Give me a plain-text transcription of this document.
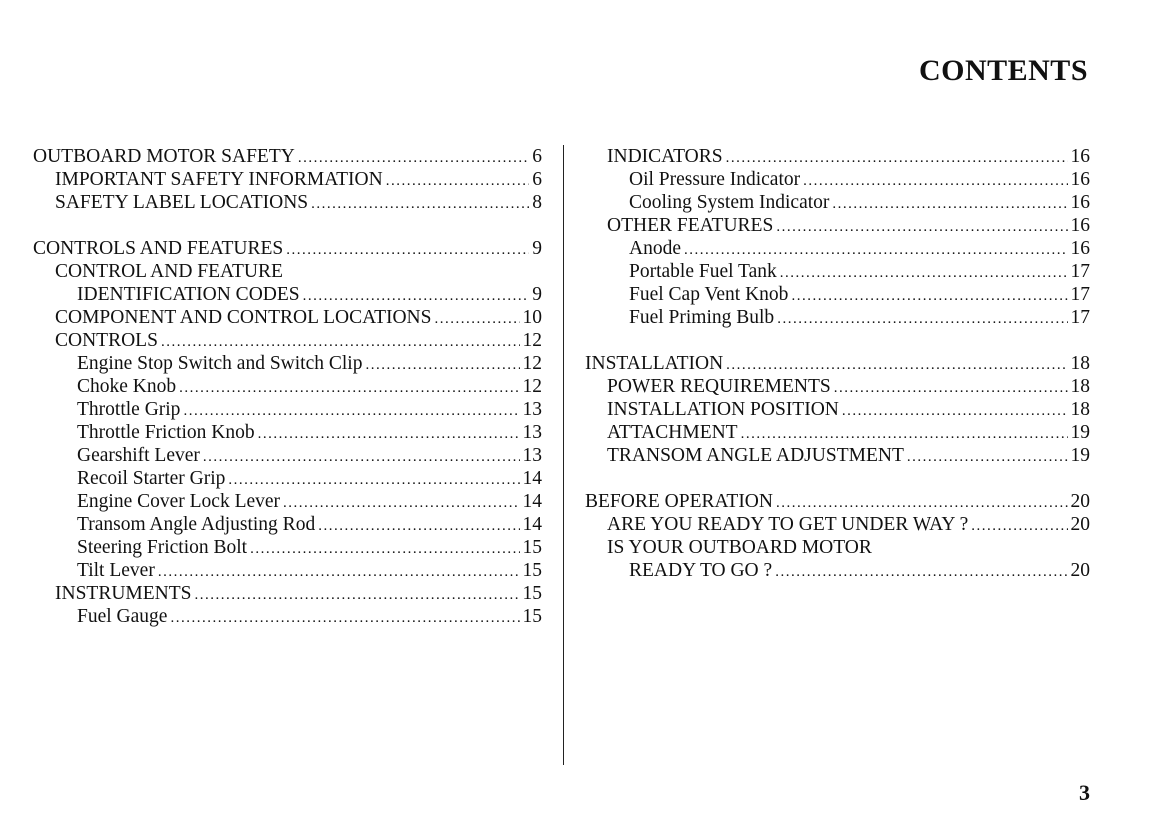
CONTENTS
OUTBOARD MOTOR SAFETY .....	6
IMPORTANT SAFETY INFORMATION .....	6
SAFETY LABEL LOCATIONS .....	8
CONTROLS AND FEATURES .....	9
CONTROL AND FEATURE
IDENTIFICATION CODES .....	9
COMPONENT AND CONTROL LOCATIONS .....	10
CONTROLS .....	12
Engine Stop Switch and Switch Clip .....	12
Choke Knob .....	12
Throttle Grip .....	13
Throttle Friction Knob .....	13
Gearshift Lever .....	13
Recoil Starter Grip .....	14
Engine Cover Lock Lever .....	14
Transom Angle Adjusting Rod .....	14
Steering Friction Bolt .....	15
Tilt Lever .....	15
INSTRUMENTS .....	15
Fuel Gauge .....	15
INDICATORS .....	16
Oil Pressure Indicator .....	16
Cooling System Indicator .....	16
OTHER FEATURES .....	16
Anode .....	16
Portable Fuel Tank .....	17
Fuel Cap Vent Knob .....	17
Fuel Priming Bulb .....	17
INSTALLATION .....	18
POWER REQUIREMENTS .....	18
INSTALLATION POSITION .....	18
ATTACHMENT .....	19
TRANSOM ANGLE ADJUSTMENT .....	19
BEFORE OPERATION .....	20
ARE YOU READY TO GET UNDER WAY ? .....	20
IS YOUR OUTBOARD MOTOR
READY TO GO ? .....	20
3
